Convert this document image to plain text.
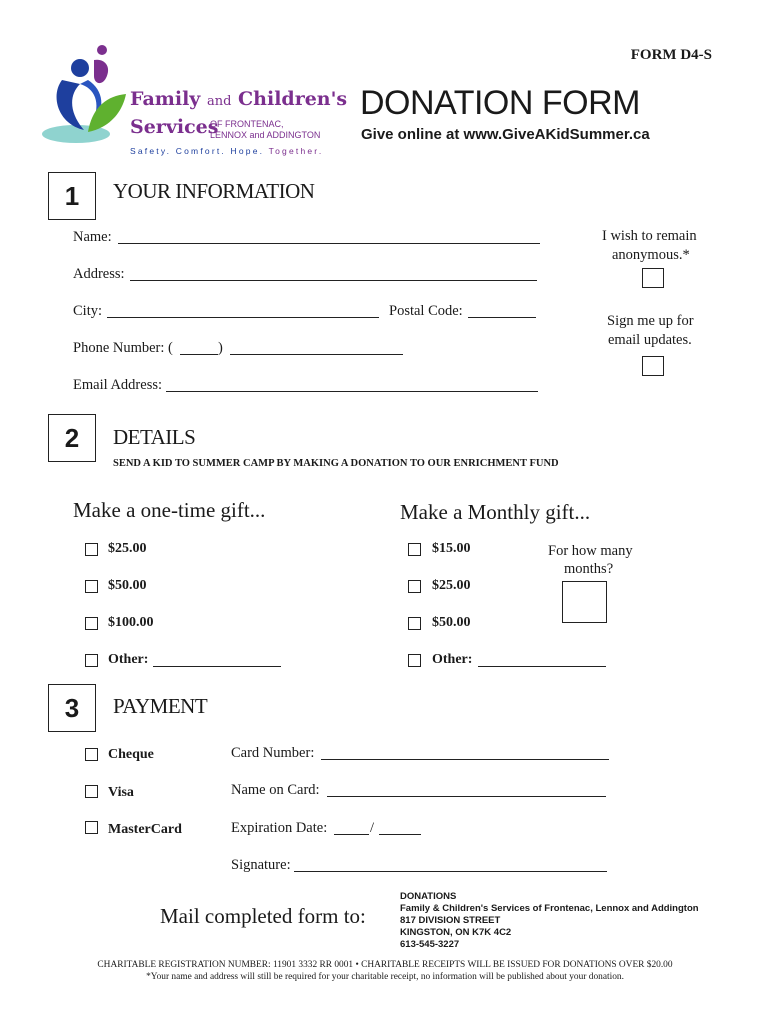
Family and Children's
Services
OF FRONTENAC,
LENNOX and ADDINGTON
Safety. Comfort. Hope. Together.
FORM D4-S
DONATION FORM
Give online at www.GiveAKidSummer.ca
1	YOUR INFORMATION
Name:
Address:
City:	Postal Code:
Phone Number: (	)
Email Address:
I wish to remain
anonymous.*
Sign me up for
email updates.
2	DETAILS
SEND A KID TO SUMMER CAMP BY MAKING A DONATION TO OUR ENRICHMENT FUND
Make a one-time gift...	Make a Monthly gift...
$25.00
$50.00
$100.00
Other:
$15.00
$25.00
$50.00
Other:
For how many
months?
3	PAYMENT
Cheque
Visa
MasterCard
Card Number:
Name on Card:
Expiration Date:	/
Signature:
Mail completed form to:
DONATIONS
Family & Children's Services of Frontenac, Lennox and Addington
817 DIVISION STREET
KINGSTON, ON K7K 4C2
613-545-3227
CHARITABLE REGISTRATION NUMBER: 11901 3332 RR 0001 • CHARITABLE RECEIPTS WILL BE ISSUED FOR DONATIONS OVER $20.00
*Your name and address will still be required for your charitable receipt, no information will be published about your donation.
